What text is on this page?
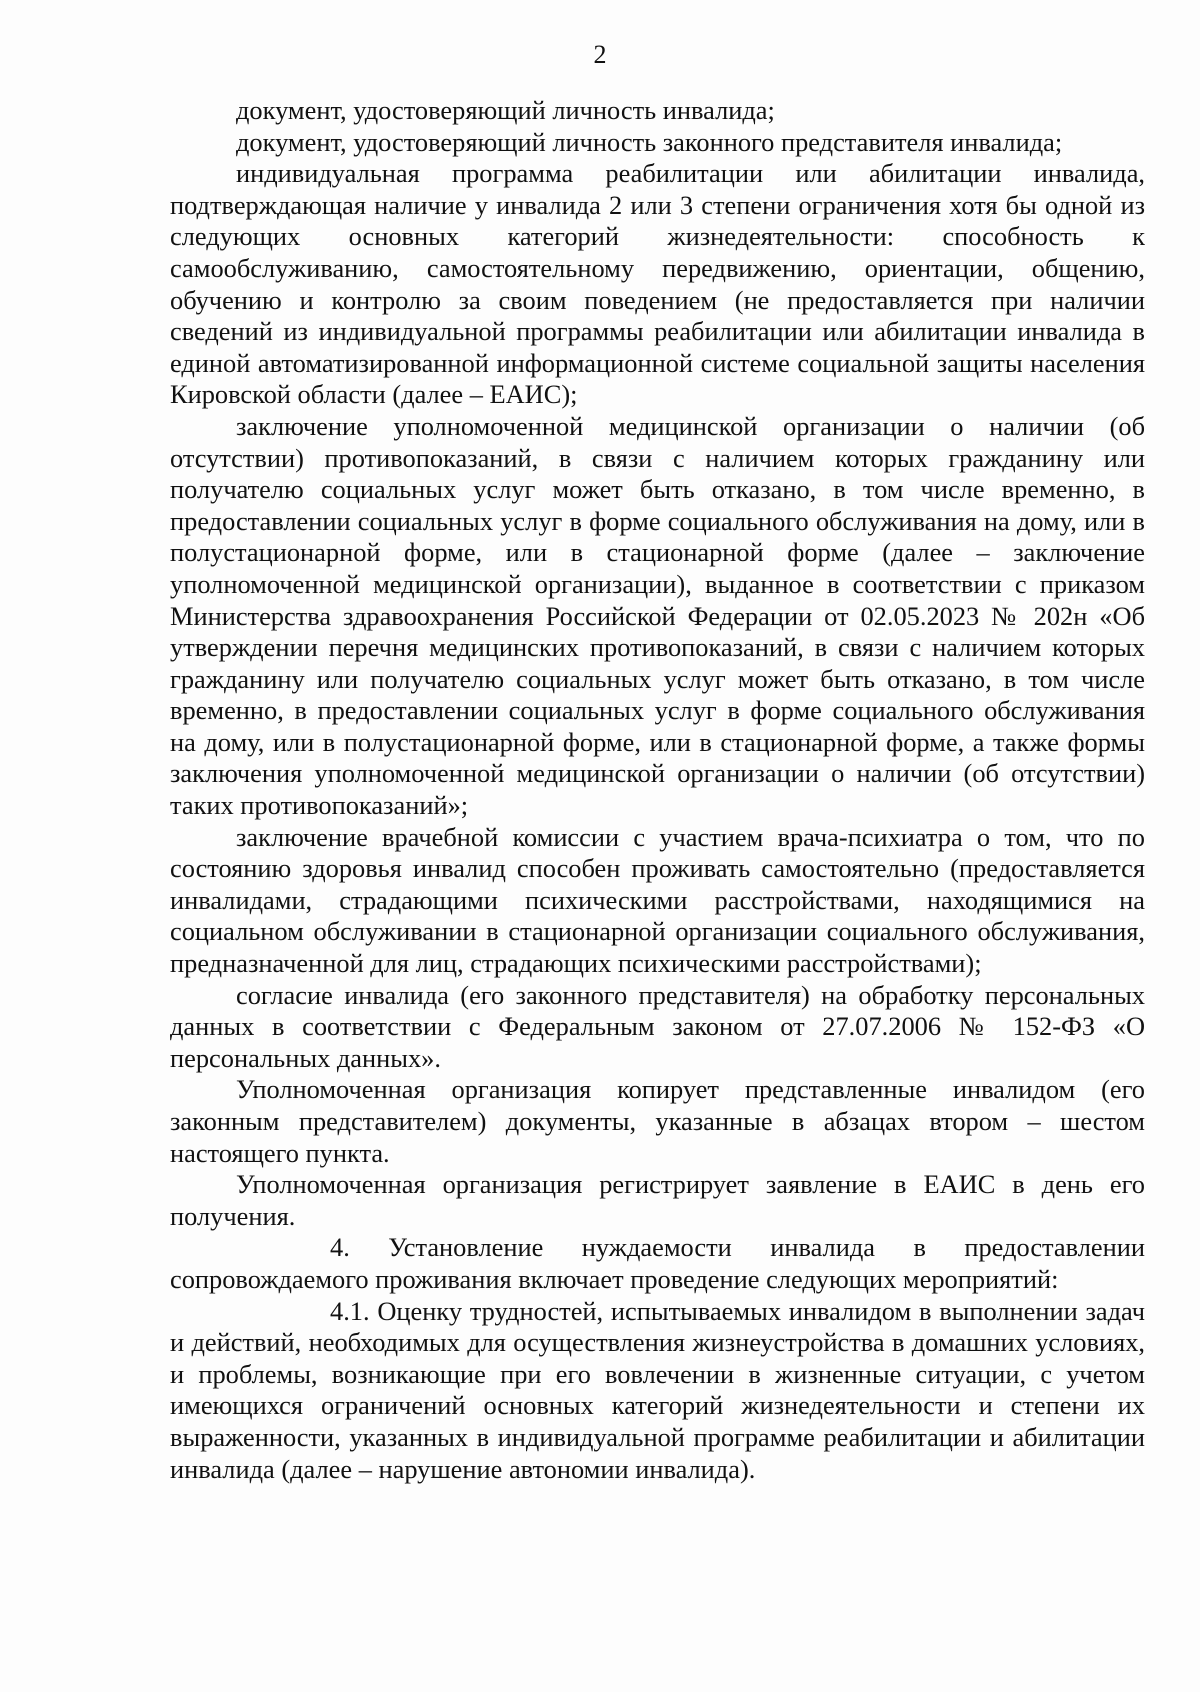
2

документ, удостоверяющий личность инвалида;

документ, удостоверяющий личность законного представителя инвалида;

индивидуальная программа реабилитации или абилитации инвалида, подтверждающая наличие у инвалида 2 или 3 степени ограничения хотя бы одной из следующих основных категорий жизнедеятельности: способность к самообслуживанию, самостоятельному передвижению, ориентации, общению, обучению и контролю за своим поведением (не предоставляется при наличии сведений из индивидуальной программы реабилитации или абилитации инвалида в единой автоматизированной информационной системе социальной защиты населения Кировской области (далее – ЕАИС);

заключение уполномоченной медицинской организации о наличии (об отсутствии) противопоказаний, в связи с наличием которых гражданину или получателю социальных услуг может быть отказано, в том числе временно, в предоставлении социальных услуг в форме социального обслуживания на дому, или в полустационарной форме, или в стационарной форме (далее – заключение уполномоченной медицинской организации), выданное в соответствии с приказом Министерства здравоохранения Российской Федерации от 02.05.2023 № 202н «Об утверждении перечня медицинских противопоказаний, в связи с наличием которых гражданину или получателю социальных услуг может быть отказано, в том числе временно, в предоставлении социальных услуг в форме социального обслуживания на дому, или в полустационарной форме, или в стационарной форме, а также формы заключения уполномоченной медицинской организации о наличии (об отсутствии) таких противопоказаний»;

заключение врачебной комиссии с участием врача-психиатра о том, что по состоянию здоровья инвалид способен проживать самостоятельно (предоставляется инвалидами, страдающими психическими расстройствами, находящимися на социальном обслуживании в стационарной организации социального обслуживания, предназначенной для лиц, страдающих психическими расстройствами);

согласие инвалида (его законного представителя) на обработку персональных данных в соответствии с Федеральным законом от 27.07.2006 № 152-ФЗ «О персональных данных».

Уполномоченная организация копирует представленные инвалидом (его законным представителем) документы, указанные в абзацах втором – шестом настоящего пункта.

Уполномоченная организация регистрирует заявление в ЕАИС в день его получения.

4. Установление нуждаемости инвалида в предоставлении сопровождаемого проживания включает проведение следующих мероприятий:

4.1. Оценку трудностей, испытываемых инвалидом в выполнении задач и действий, необходимых для осуществления жизнеустройства в домашних условиях, и проблемы, возникающие при его вовлечении в жизненные ситуации, с учетом имеющихся ограничений основных категорий жизнедеятельности и степени их выраженности, указанных в индивидуальной программе реабилитации и абилитации инвалида (далее – нарушение автономии инвалида).
